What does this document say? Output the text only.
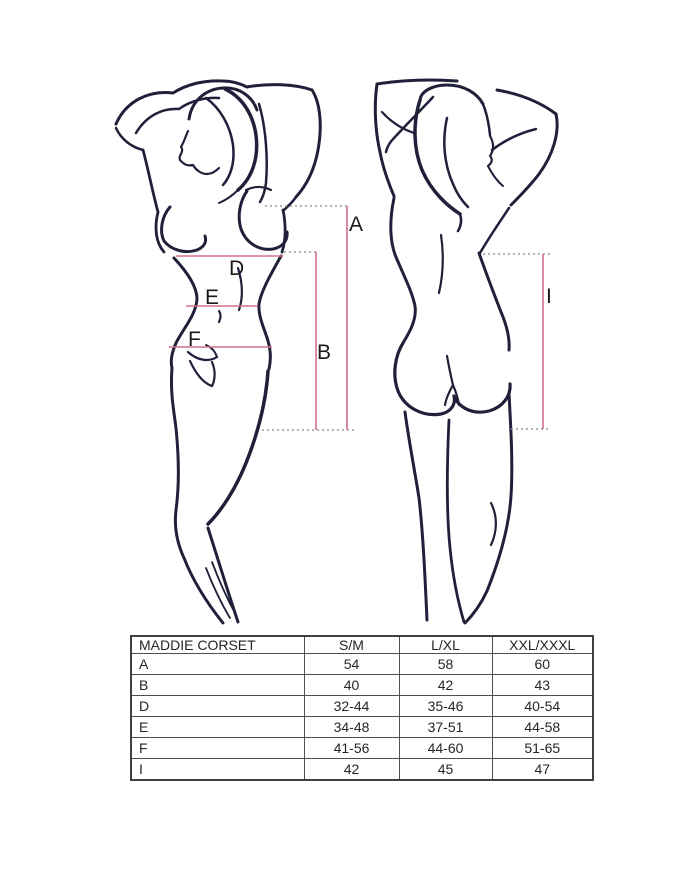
A
B
D
E
F
I
MADDIE CORSET	S/M	L/XL	XXL/XXXL
A	54	58	60
B	40	42	43
D	32-44	35-46	40-54
E	34-48	37-51	44-58
F	41-56	44-60	51-65
I	42	45	47
